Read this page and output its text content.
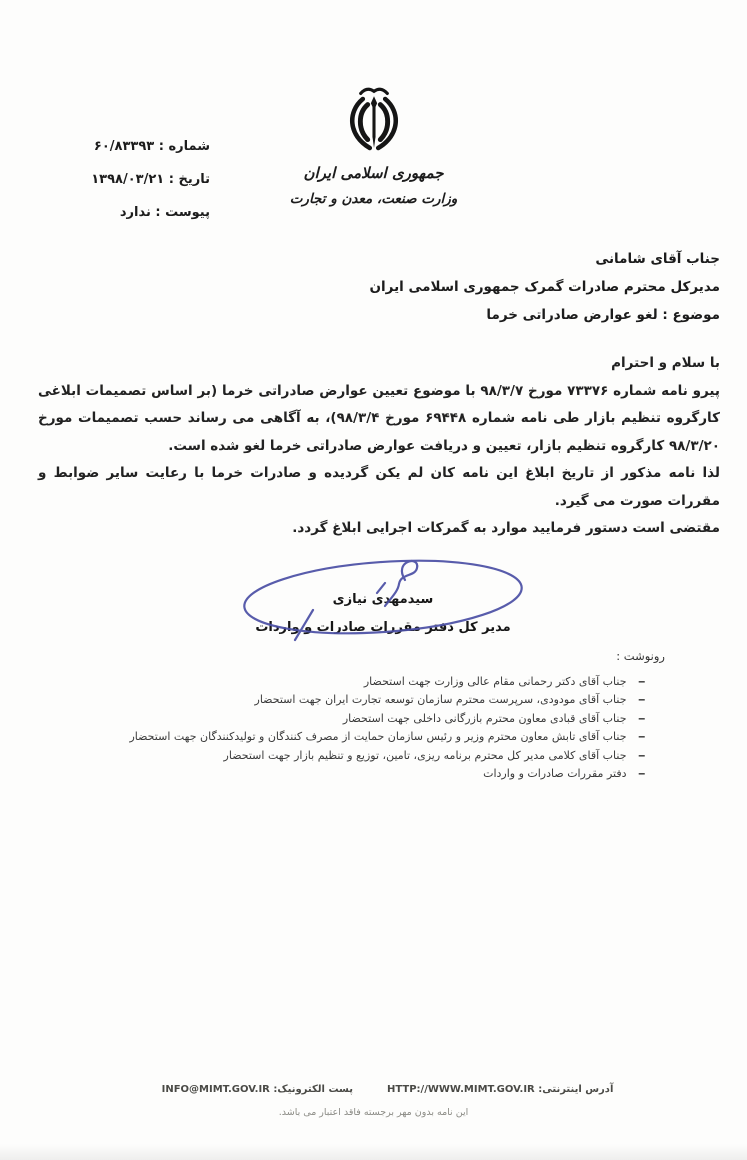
شماره : ۶۰/۸۳۳۹۳
تاریخ : ۱۳۹۸/۰۳/۲۱
پیوست : ندارد
جمهوری اسلامی ایران
وزارت صنعت، معدن و تجارت
جناب آقای شامانی
مدیرکل محترم صادرات گمرک جمهوری اسلامی ایران
موضوع : لغو عوارض صادراتی خرما

با سلام و احترام

پیرو نامه شماره ۷۳۳۷۶ مورخ ۹۸/۳/۷ با موضوع تعیین عوارض صادراتی خرما (بر اساس تصمیمات ابلاغی کارگروه تنظیم بازار طی نامه شماره ۶۹۴۴۸ مورخ ۹۸/۳/۴)، به آگاهی می رساند حسب تصمیمات مورخ ۹۸/۳/۲۰ کارگروه تنظیم بازار، تعیین و دریافت عوارض صادراتی خرما لغو شده است.

لذا نامه مذکور از تاریخ ابلاغ این نامه کان لم یکن گردیده و صادرات خرما با رعایت سایر ضوابط و مقررات صورت می گیرد.

مقتضی است دستور فرمایید موارد به گمرکات اجرایی ابلاغ گردد.

سیدمهدی نیازی
مدیر کل دفتر مقررات صادرات و واردات
رونوشت :
–
جناب آقای دکتر رحمانی مقام عالی وزارت جهت استحضار
–
جناب آقای مودودی، سرپرست محترم سازمان توسعه تجارت ایران جهت استحضار
–
جناب آقای قبادی معاون محترم بازرگانی داخلی جهت استحضار
–
جناب آقای تابش معاون محترم وزیر و رئیس سازمان حمایت از مصرف کنندگان و تولیدکنندگان جهت استحضار
–
جناب آقای کلامی مدیر کل محترم برنامه ریزی، تامین، توزیع و تنظیم بازار جهت استحضار
–
دفتر مقررات صادرات و واردات
آدرس اینترنتی: HTTP://WWW.MIMT.GOV.IR
پست الکترونیک: INFO@MIMT.GOV.IR
این نامه بدون مهر برجسته فاقد اعتبار می باشد.
